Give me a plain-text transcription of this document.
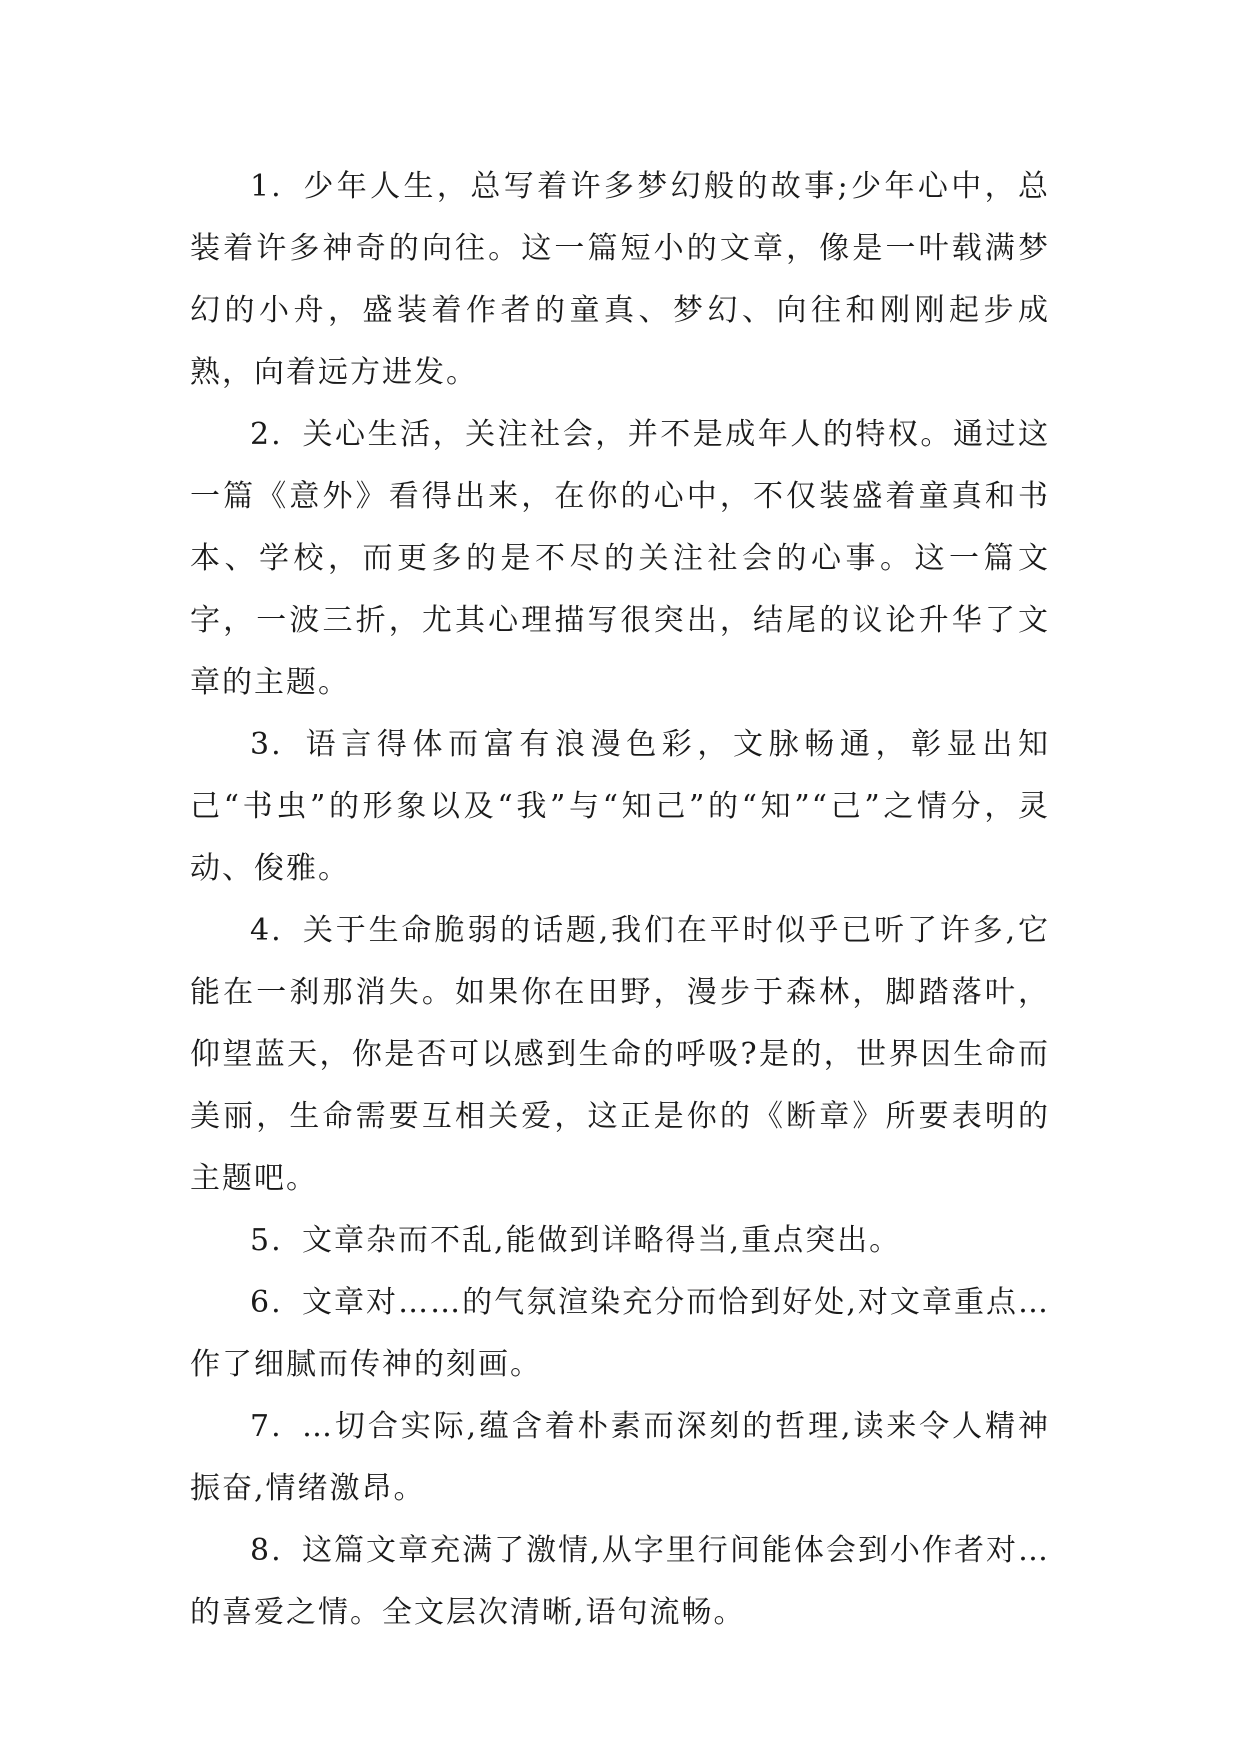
1. 少年人生，总写着许多梦幻般的故事;少年心中，总装着许多神奇的向往。这一篇短小的文章，像是一叶载满梦幻的小舟，盛装着作者的童真、梦幻、向往和刚刚起步成熟，向着远方进发。

2. 关心生活，关注社会，并不是成年人的特权。通过这一篇《意外》看得出来，在你的心中，不仅装盛着童真和书本、学校，而更多的是不尽的关注社会的心事。这一篇文字，一波三折，尤其心理描写很突出，结尾的议论升华了文章的主题。

3. 语言得体而富有浪漫色彩，文脉畅通，彰显出知己“书虫”的形象以及“我”与“知己”的“知”“己”之情分，灵动、俊雅。

4. 关于生命脆弱的话题,我们在平时似乎已听了许多,它能在一刹那消失。如果你在田野，漫步于森林，脚踏落叶，仰望蓝天，你是否可以感到生命的呼吸?是的，世界因生命而美丽，生命需要互相关爱，这正是你的《断章》所要表明的主题吧。

5. 文章杂而不乱,能做到详略得当,重点突出。

6. 文章对……的气氛渲染充分而恰到好处,对文章重点…作了细腻而传神的刻画。

7. …切合实际,蕴含着朴素而深刻的哲理,读来令人精神振奋,情绪激昂。

8. 这篇文章充满了激情,从字里行间能体会到小作者对…的喜爱之情。全文层次清晰,语句流畅。
